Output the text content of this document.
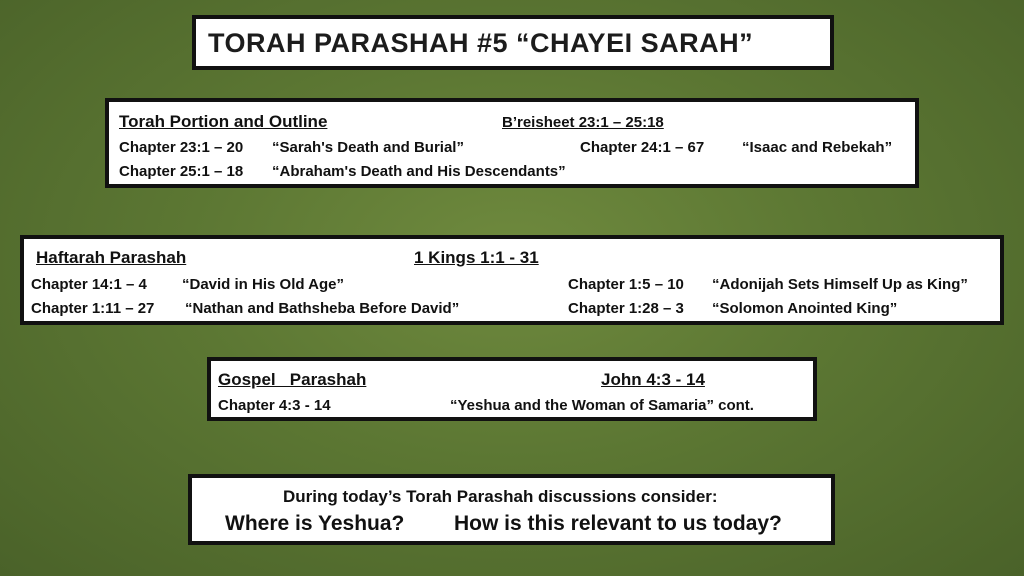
TORAH PARASHAH #5 “CHAYEI SARAH”
Torah Portion and Outline	B’reisheet 23:1 – 25:18
Chapter 23:1 – 20 “Sarah's Death and Burial”	Chapter 24:1 – 67	“Isaac and Rebekah”
Chapter 25:1 – 18 “Abraham's Death and His Descendants”
Haftarah Parashah	1 Kings 1:1 - 31
Chapter 14:1 – 4 “David in His Old Age”	Chapter 1:5 – 10 “Adonijah Sets Himself Up as King”
Chapter 1:11 – 27 “Nathan and Bathsheba Before David”	Chapter 1:28 – 3 “Solomon Anointed King”
Gospel   Parashah	John 4:3 - 14
Chapter 4:3 - 14	“Yeshua and the Woman of Samaria” cont.
During today’s Torah Parashah discussions consider:
Where is Yeshua? How is this relevant to us today?
